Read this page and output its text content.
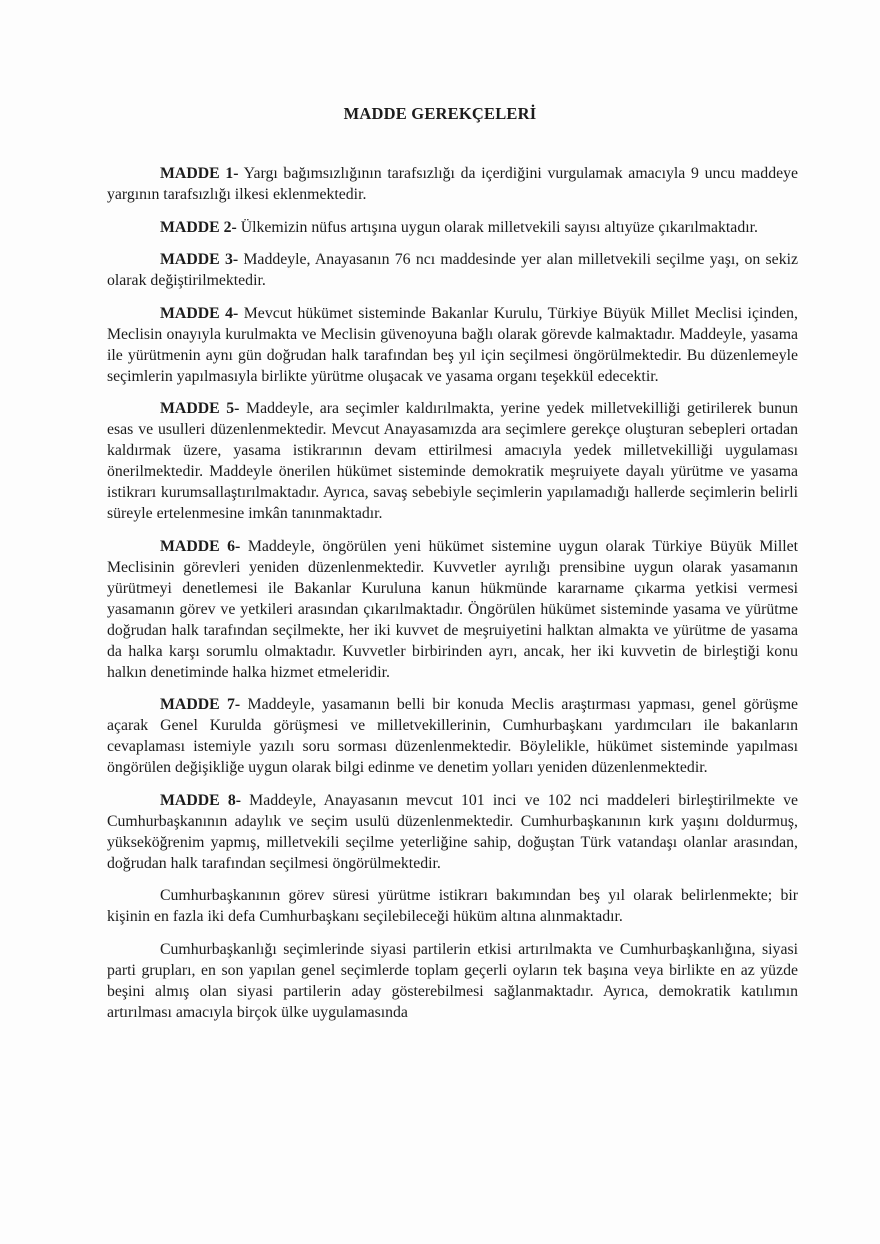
MADDE GEREKÇELERİ

MADDE 1- Yargı bağımsızlığının tarafsızlığı da içerdiğini vurgulamak amacıyla 9 uncu maddeye yargının tarafsızlığı ilkesi eklenmektedir.

MADDE 2- Ülkemizin nüfus artışına uygun olarak milletvekili sayısı altıyüze çıkarılmaktadır.

MADDE 3- Maddeyle, Anayasanın 76 ncı maddesinde yer alan milletvekili seçilme yaşı, on sekiz olarak değiştirilmektedir.

MADDE 4- Mevcut hükümet sisteminde Bakanlar Kurulu, Türkiye Büyük Millet Meclisi içinden, Meclisin onayıyla kurulmakta ve Meclisin güvenoyuna bağlı olarak görevde kalmaktadır. Maddeyle, yasama ile yürütmenin aynı gün doğrudan halk tarafından beş yıl için seçilmesi öngörülmektedir. Bu düzenlemeyle seçimlerin yapılmasıyla birlikte yürütme oluşacak ve yasama organı teşekkül edecektir.

MADDE 5- Maddeyle, ara seçimler kaldırılmakta, yerine yedek milletvekilliği getirilerek bunun esas ve usulleri düzenlenmektedir. Mevcut Anayasamızda ara seçimlere gerekçe oluşturan sebepleri ortadan kaldırmak üzere, yasama istikrarının devam ettirilmesi amacıyla yedek milletvekilliği uygulaması önerilmektedir. Maddeyle önerilen hükümet sisteminde demokratik meşruiyete dayalı yürütme ve yasama istikrarı kurumsallaştırılmaktadır. Ayrıca, savaş sebebiyle seçimlerin yapılamadığı hallerde seçimlerin belirli süreyle ertelenmesine imkân tanınmaktadır.

MADDE 6- Maddeyle, öngörülen yeni hükümet sistemine uygun olarak Türkiye Büyük Millet Meclisinin görevleri yeniden düzenlenmektedir. Kuvvetler ayrılığı prensibine uygun olarak yasamanın yürütmeyi denetlemesi ile Bakanlar Kuruluna kanun hükmünde kararname çıkarma yetkisi vermesi yasamanın görev ve yetkileri arasından çıkarılmaktadır. Öngörülen hükümet sisteminde yasama ve yürütme doğrudan halk tarafından seçilmekte, her iki kuvvet de meşruiyetini halktan almakta ve yürütme de yasama da halka karşı sorumlu olmaktadır. Kuvvetler birbirinden ayrı, ancak, her iki kuvvetin de birleştiği konu halkın denetiminde halka hizmet etmeleridir.

MADDE 7- Maddeyle, yasamanın belli bir konuda Meclis araştırması yapması, genel görüşme açarak Genel Kurulda görüşmesi ve milletvekillerinin, Cumhurbaşkanı yardımcıları ile bakanların cevaplaması istemiyle yazılı soru sorması düzenlenmektedir. Böylelikle, hükümet sisteminde yapılması öngörülen değişikliğe uygun olarak bilgi edinme ve denetim yolları yeniden düzenlenmektedir.

MADDE 8- Maddeyle, Anayasanın mevcut 101 inci ve 102 nci maddeleri birleştirilmekte ve Cumhurbaşkanının adaylık ve seçim usulü düzenlenmektedir. Cumhurbaşkanının kırk yaşını doldurmuş, yükseköğrenim yapmış, milletvekili seçilme yeterliğine sahip, doğuştan Türk vatandaşı olanlar arasından, doğrudan halk tarafından seçilmesi öngörülmektedir.

Cumhurbaşkanının görev süresi yürütme istikrarı bakımından beş yıl olarak belirlenmekte; bir kişinin en fazla iki defa Cumhurbaşkanı seçilebileceği hüküm altına alınmaktadır.

Cumhurbaşkanlığı seçimlerinde siyasi partilerin etkisi artırılmakta ve Cumhurbaşkanlığına, siyasi parti grupları, en son yapılan genel seçimlerde toplam geçerli oyların tek başına veya birlikte en az yüzde beşini almış olan siyasi partilerin aday gösterebilmesi sağlanmaktadır. Ayrıca, demokratik katılımın artırılması amacıyla birçok ülke uygulamasında
